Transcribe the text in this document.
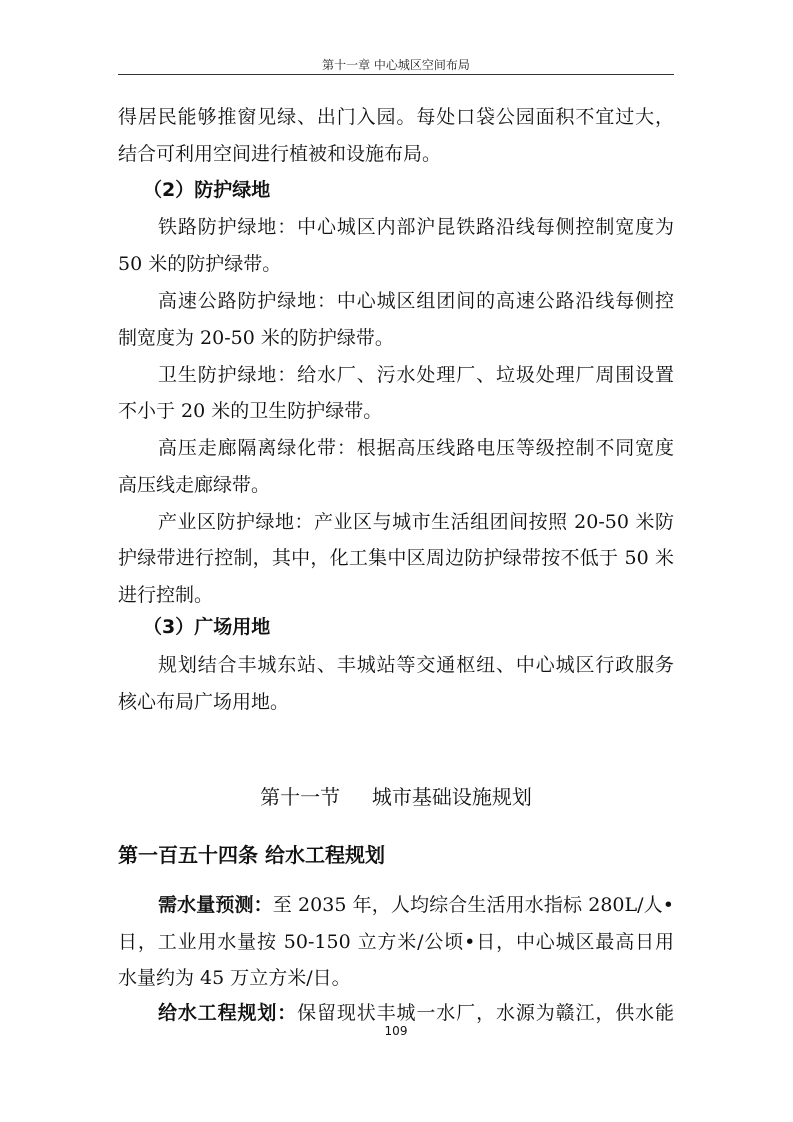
第十一章 中心城区空间布局
得居民能够推窗见绿、出门入园。每处口袋公园面积不宜过大，
结合可利用空间进行植被和设施布局。
（2）防护绿地
铁路防护绿地：中心城区内部沪昆铁路沿线每侧控制宽度为
50 米的防护绿带。
高速公路防护绿地：中心城区组团间的高速公路沿线每侧控
制宽度为 20-50 米的防护绿带。
卫生防护绿地：给水厂、污水处理厂、垃圾处理厂周围设置
不小于 20 米的卫生防护绿带。
高压走廊隔离绿化带：根据高压线路电压等级控制不同宽度
高压线走廊绿带。
产业区防护绿地：产业区与城市生活组团间按照 20-50 米防
护绿带进行控制，其中，化工集中区周边防护绿带按不低于 50 米
进行控制。
（3）广场用地
规划结合丰城东站、丰城站等交通枢纽、中心城区行政服务
核心布局广场用地。
第十一节     城市基础设施规划
第一百五十四条 给水工程规划
需水量预测：至 2035 年，人均综合生活用水指标 280L/人•
日，工业用水量按 50-150 立方米/公顷•日，中心城区最高日用
水量约为 45 万立方米/日。
给水工程规划：保留现状丰城一水厂，水源为赣江，供水能
109
